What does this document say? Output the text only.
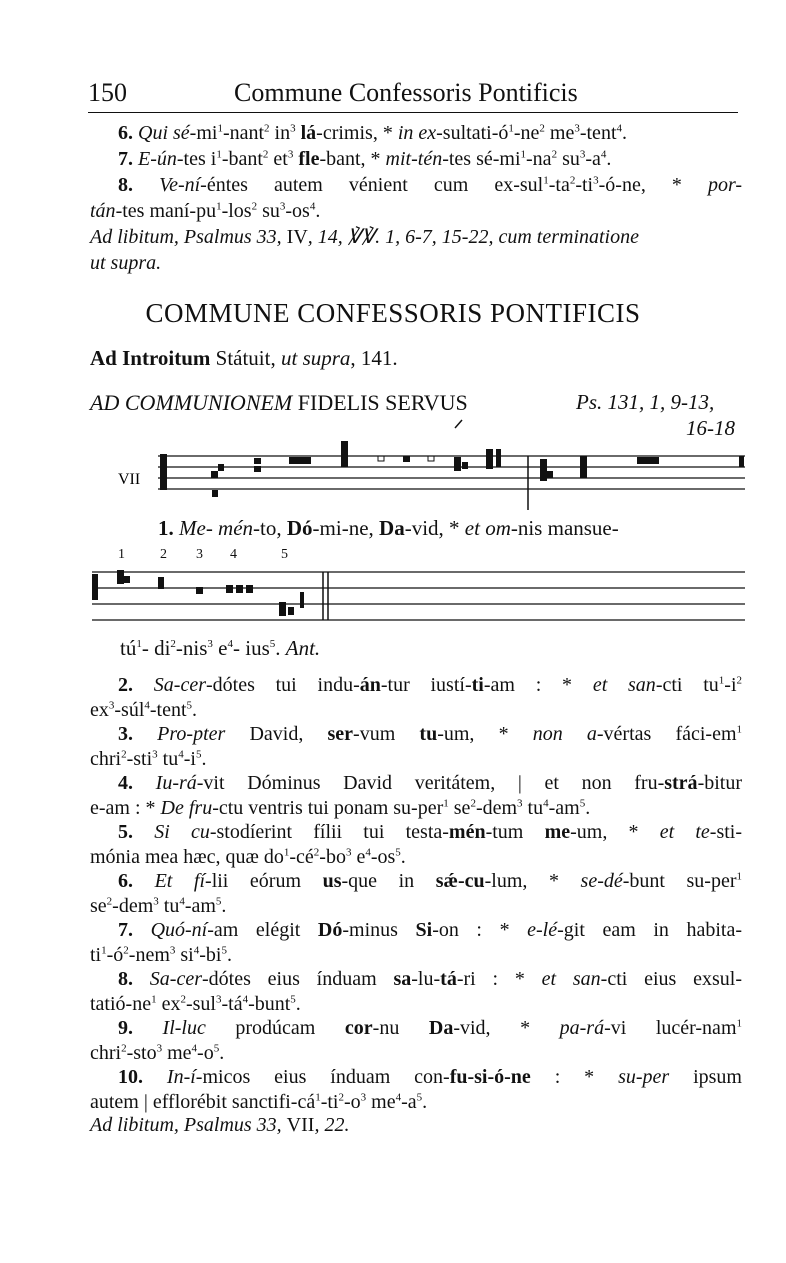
150	Commune Confessoris Pontificis
6. Qui $sé-mi^1-nant^2$ $in^3$ lá-crimis, * in $ex-sultati-ó^1-ne^2$ $me^3-tent^4$.
7. E-ún-tes $i^1-bant^2$ $et^3$ fle-bant, * mit-tén-tes $sé-mi^1-na^2$ $su^3-a^4$.
8. Ve-ní-éntes autem vénient cum $ex-sul^1-ta^2-ti^3-ó-ne$, * por-
tán-tes maní-$pu^1-los^2$ $su^3-os^4$.
Ad libitum, Psalmus 33, IV, 14, ℣℣. 1, 6-7, 15-22, cum terminatione
ut supra.
COMMUNE CONFESSORIS PONTIFICIS
Ad Introitum Státuit, ut supra, 141.
AD COMMUNIONEM FIDELIS SERVUS	Ps. 131, 1, 9-13,
16-18
VII
1	2 3 4	5
1. Me- mén-to, Dó-mi-ne, Da-vid, * et om-nis mansue-
$tú^1-$ $di^2-nis^3$ $e^4-$ ius$^5$. Ant.
2. Sa-cer-dótes tui indu-án-tur iustí-ti-am : * et san-cti $tu^1-i^2$
$ex^3-súl^4-tent^5$.
3. Pro-pter David, ser-vum tu-um, * non a-vértas fáci-$em^1$
chri$^2$-sti$^3$ $tu^4-i^5$.
4. Iu-rá-vit Dóminus David veritátem, | et non fru-strá-bitur
e-am : * De fru-ctu ventris tui ponam su-per$^1$ $se^2-dem^3$ $tu^4-am^5$.
5. Si cu-stodíerint fílii tui testa-mén-tum me-um, * et te-sti-
mónia mea hæc, quæ $do^1-cé^2-bo^3$ $e^4-os^5$.
6. Et fí-lii eórum us-que in sǽ-cu-lum, * se-dé-bunt su-per$^1$
$se^2-dem^3$ $tu^4-am^5$.
7. Quó-ní-am elégit Dó-minus Si-on : * e-lé-git eam in habita-
$ti^1-ó^2-nem^3$ $si^4-bi^5$.
8. Sa-cer-dótes eius índuam sa-lu-tá-ri : * et san-cti eius exsul-
tatió-$ne^1$ $ex^2-sul^3-tá^4-bunt^5$.
9. Il-luc prodúcam cor-nu Da-vid, * pa-rá-vi lucér-nam$^1$
chri$^2$-sto$^3$ $me^4-o^5$.
10. In-í-micos eius índuam con-fu-si-ó-ne : * su-per ipsum
autem | efflorébit sanctifi-$cá^1-ti^2-o^3$ $me^4-a^5$.
Ad libitum, Psalmus 33, VII, 22.
